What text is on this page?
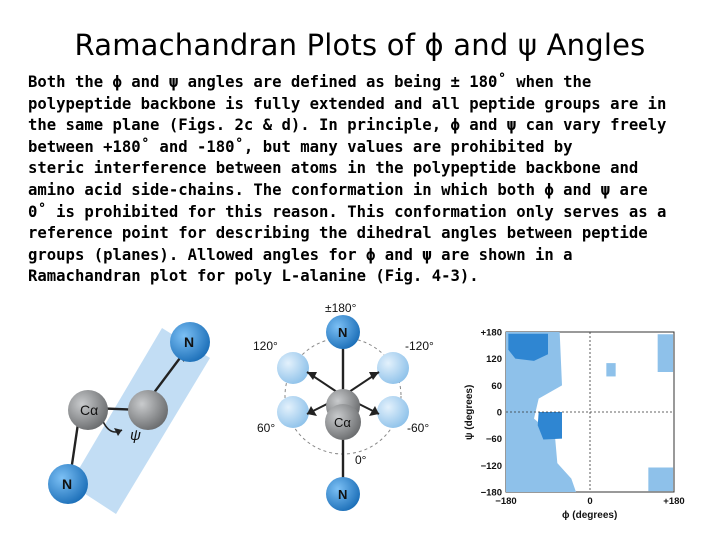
Ramachandran Plots of ϕ and ψ Angles
Both the ϕ and ψ angles are defined as being ± 180˚ when the
polypeptide backbone is fully extended and all peptide groups are in
the same plane (Figs. 2c & d). In principle, ϕ and ψ can vary freely
between +180˚ and -180˚, but many values are prohibited by
steric interference between atoms in the polypeptide backbone and
amino acid side-chains. The conformation in which both ϕ and ψ are
0˚ is prohibited for this reason. This conformation only serves as a
reference point for describing the dihedral angles between peptide
groups (planes). Allowed angles for ϕ and ψ are shown in a
Ramachandran plot for poly L-alanine (Fig. 4-3).
Cα
N
N
ψ
±180°
N
Cα
N
120°	-120°
60°	-60°
0°
+180
120
60
0
−60
−120
−180
−180	0	+180
ϕ (degrees)
ψ (degrees)
